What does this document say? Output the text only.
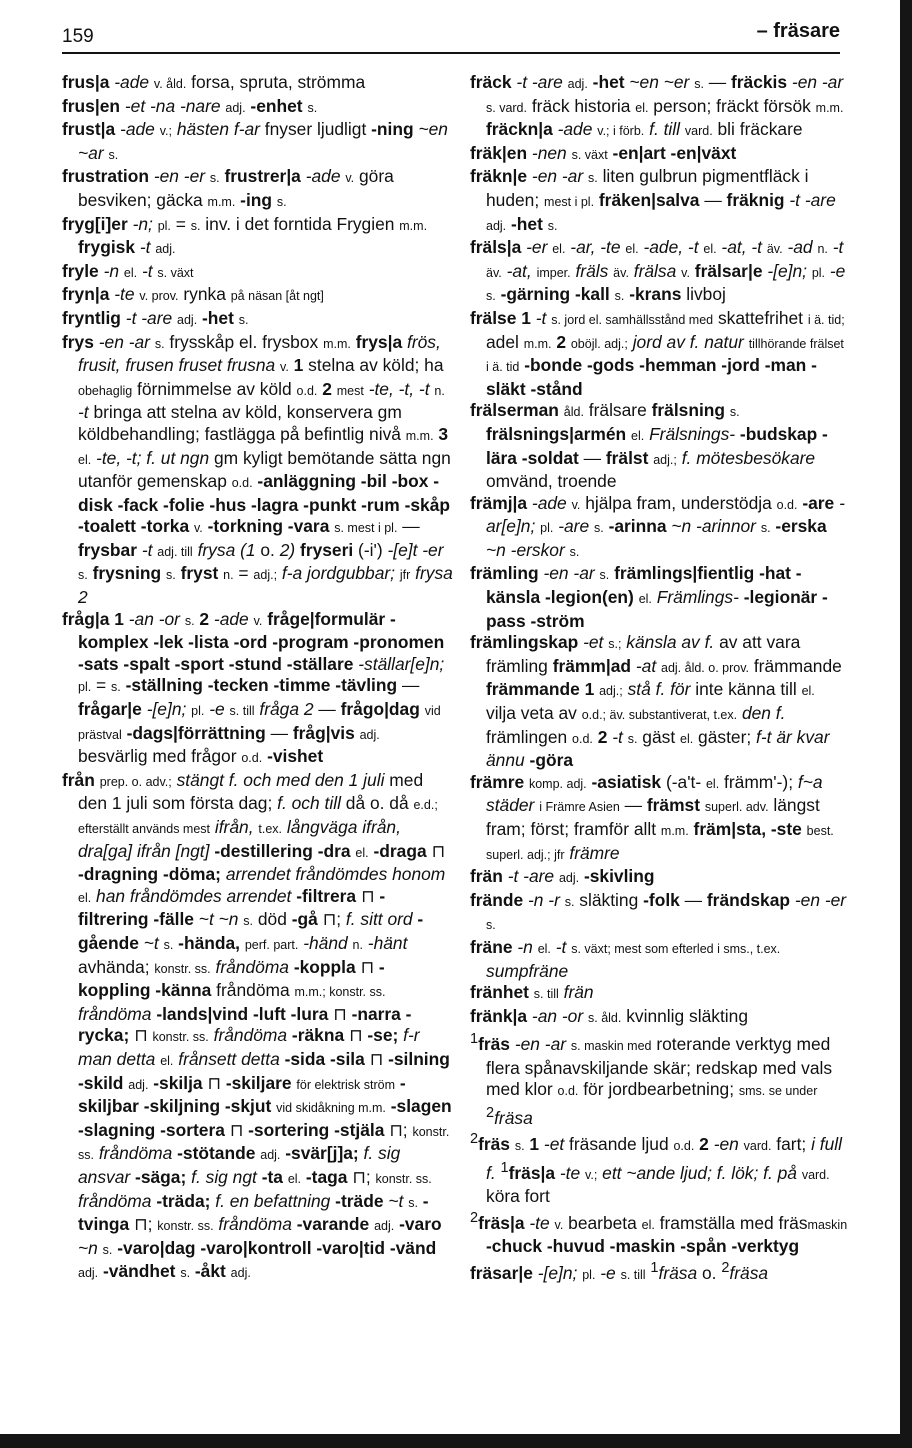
159	– fräsare
frus|a -ade v. åld. forsa, spruta, strömma
frus|en -et -na -nare adj. -enhet s.
frust|a -ade v.; hästen f-ar fnyser ljudligt -ning ~en ~ar s.
frustration -en -er s. frustrer|a -ade v. göra besviken; gäcka m.m. -ing s.
fryg[i]er -n; pl. = s. inv. i det forntida Frygien m.m. frygisk -t adj.
fryle -n el. -t s. växt
fryn|a -te v. prov. rynka på näsan [åt ngt]
fryntlig -t -are adj. -het s.
frys -en -ar s. frysskåp el. frysbox m.m. frys|a frös, frusit, frusen fruset frusna v. 1 stelna av köld; ha obehaglig förnimmelse av köld o.d. 2 mest -te, -t, -t n. -t bringa att stelna av köld, konservera gm köldbehandling; fastlägga på befintlig nivå m.m. 3 el. -te, -t; f. ut ngn gm kyligt bemötande sätta ngn utanför gemenskap o.d. -anläggning -bil -box -disk -fack -folie -hus -lagra -punkt -rum -skåp -toalett -torka v. -torkning -vara s. mest i pl. — frysbar -t adj. till frysa (1 o. 2) fryseri (-i') -[e]t -er s. frysning s. fryst n. = adj.; f-a jordgubbar; jfr frysa 2
fråg|a 1 -an -or s. 2 -ade v. fråge|formulär -komplex -lek -lista -ord -program -pronomen -sats -spalt -sport -stund -ställare -ställar[e]n; pl. = s. -ställning -tecken -timme -tävling — frågar|e -[e]n; pl. -e s. till fråga 2 — frågo|dag vid prästval -dags|förrättning — fråg|vis adj. besvärlig med frågor o.d. -vishet
från prep. o. adv.; stängt f. och med den 1 juli med den 1 juli som första dag; f. och till då o. då e.d.; efterställt används mest ifrån, t.ex. långväga ifrån, dra[ga] ifrån [ngt] -destillering -dra el. -draga ⊓ -dragning -döma; arrendet fråndömdes honom el. han fråndömdes arrendet -filtrera ⊓ -filtrering -fälle ~t ~n s. död -gå ⊓; f. sitt ord -gående ~t s. -hända, perf. part. -händ n. -hänt avhända; konstr. ss. fråndöma -koppla ⊓ -koppling -känna fråndöma m.m.; konstr. ss. fråndöma -lands|vind -luft -lura ⊓ -narra -rycka; ⊓ konstr. ss. fråndöma -räkna ⊓ -se; f-r man detta el. frånsett detta -sida -sila ⊓ -silning -skild adj. -skilja ⊓ -skiljare för elektrisk ström -skiljbar -skiljning -skjut vid skidåkning m.m. -slagen -slagning -sortera ⊓ -sortering -stjäla ⊓; konstr. ss. fråndöma -stötande adj. -svär[j]a; f. sig ansvar -säga; f. sig ngt -ta el. -taga ⊓; konstr. ss. fråndöma -träda; f. en befattning -träde ~t s. -tvinga ⊓; konstr. ss. fråndöma -varande adj. -varo ~n s. -varo|dag -varo|kontroll -varo|tid -vänd adj. -vändhet s. -åkt adj.
fräck -t -are adj. -het ~en ~er s. — fräckis -en -ar s. vard. fräck historia el. person; fräckt försök m.m. fräckn|a -ade v.; i förb. f. till vard. bli fräckare
fräk|en -nen s. växt -en|art -en|växt
fräkn|e -en -ar s. liten gulbrun pigmentfläck i huden; mest i pl. fräken|salva — fräknig -t -are adj. -het s.
fräls|a -er el. -ar, -te el. -ade, -t el. -at, -t äv. -ad n. -t äv. -at, imper. fräls äv. frälsa v. frälsar|e -[e]n; pl. -e s. -gärning -kall s. -krans livboj
frälse 1 -t s. jord el. samhällsstånd med skattefrihet i ä. tid; adel m.m. 2 oböjl. adj.; jord av f. natur tillhörande frälset i ä. tid -bonde -gods -hemman -jord -man -släkt -stånd
frälserman åld. frälsare frälsning s. frälsnings|armén el. Frälsnings- -budskap -lära -soldat — frälst adj.; f. mötesbesökare omvänd, troende
främj|a -ade v. hjälpa fram, understödja o.d. -are -ar[e]n; pl. -are s. -arinna ~n -arinnor s. -erska ~n -erskor s.
främling -en -ar s. främlings|fientlig -hat -känsla -legion(en) el. Främlings- -legionär -pass -ström
främlingskap -et s.; känsla av f. av att vara främling främm|ad -at adj. åld. o. prov. främmande främmande 1 adj.; stå f. för inte känna till el. vilja veta av o.d.; äv. substantiverat, t.ex. den f. främlingen o.d. 2 -t s. gäst el. gäster; f-t är kvar ännu -göra
främre komp. adj. -asiatisk (-a't- el. främm'-); f~a städer i Främre Asien — främst superl. adv. längst fram; först; framför allt m.m. främ|sta, -ste best. superl. adj.; jfr främre
frän -t -are adj. -skivling
frände -n -r s. släkting -folk — frändskap -en -er s.
fräne -n el. -t s. växt; mest som efterled i sms., t.ex. sumpfräne
fränhet s. till frän
fränk|a -an -or s. åld. kvinnlig släkting
$^1$fräs -en -ar s. maskin med roterande verktyg med flera spånavskiljande skär; redskap med vals med klor o.d. för jordbearbetning; sms. se under $^2$fräsa
$^2$fräs s. 1 -et fräsande ljud o.d. 2 -en vard. fart; i full f. $^1$fräs|a -te v.; ett ~ande ljud; f. lök; f. på vard. köra fort
$^2$fräs|a -te v. bearbeta el. framställa med fräsmaskin -chuck -huvud -maskin -spån -verktyg
fräsar|e -[e]n; pl. -e s. till $^1$fräsa o. $^2$fräsa
